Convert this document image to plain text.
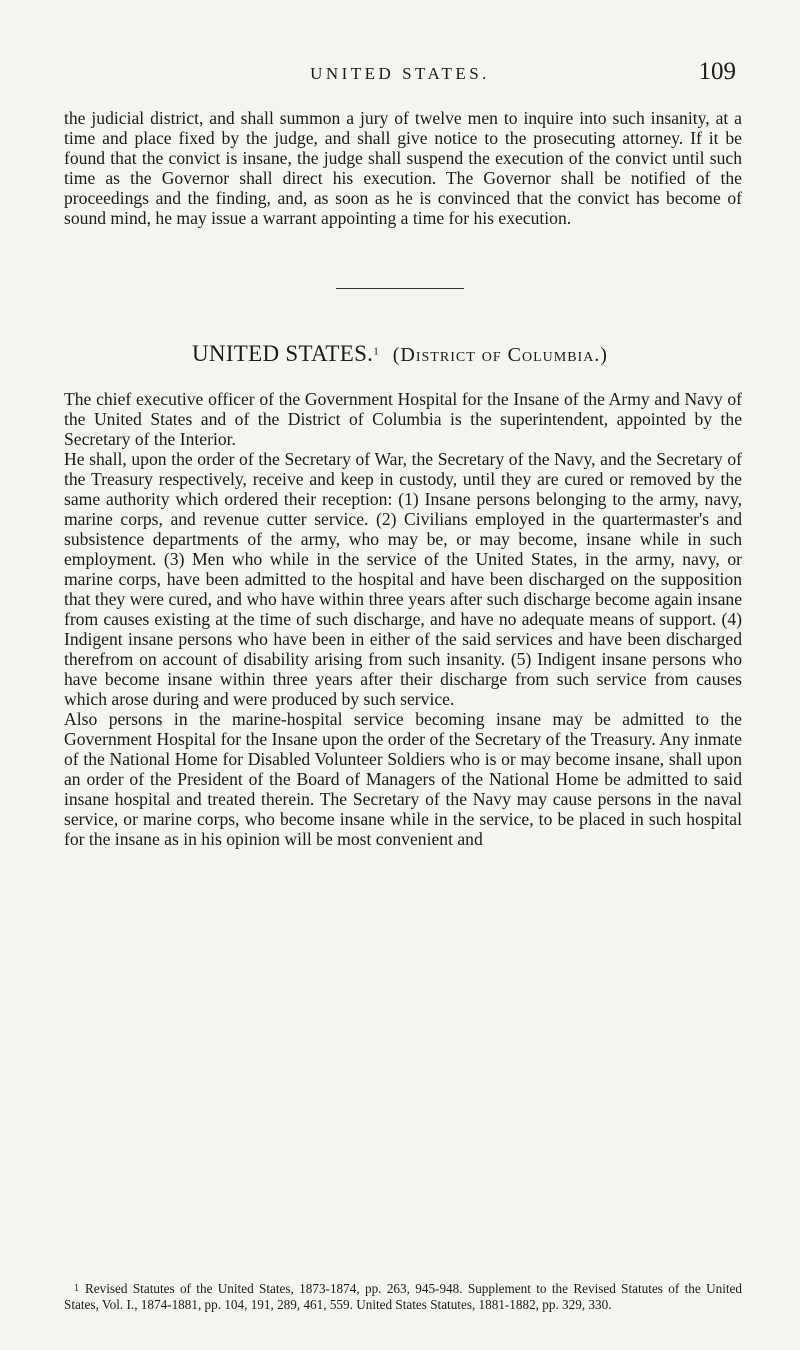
UNITED STATES.	109
the judicial district, and shall summon a jury of twelve men to inquire into such insanity, at a time and place fixed by the judge, and shall give notice to the prosecuting attorney. If it be found that the convict is insane, the judge shall suspend the execution of the convict until such time as the Governor shall direct his execution. The Governor shall be notified of the proceedings and the finding, and, as soon as he is convinced that the convict has become of sound mind, he may issue a warrant appointing a time for his execution.
UNITED STATES.$^1$ (District of Columbia.)

The chief executive officer of the Government Hospital for the Insane of the Army and Navy of the United States and of the District of Columbia is the superintendent, appointed by the Secretary of the Interior.

He shall, upon the order of the Secretary of War, the Secretary of the Navy, and the Secretary of the Treasury respectively, receive and keep in custody, until they are cured or removed by the same authority which ordered their reception: (1) Insane persons belonging to the army, navy, marine corps, and revenue cutter service. (2) Civilians employed in the quartermaster's and subsistence departments of the army, who may be, or may become, insane while in such employment. (3) Men who while in the service of the United States, in the army, navy, or marine corps, have been admitted to the hospital and have been discharged on the supposition that they were cured, and who have within three years after such discharge become again insane from causes existing at the time of such discharge, and have no adequate means of support. (4) Indigent insane persons who have been in either of the said services and have been discharged therefrom on account of disability arising from such insanity. (5) Indigent insane persons who have become insane within three years after their discharge from such service from causes which arose during and were produced by such service.

Also persons in the marine-hospital service becoming insane may be admitted to the Government Hospital for the Insane upon the order of the Secretary of the Treasury. Any inmate of the National Home for Disabled Volunteer Soldiers who is or may become insane, shall upon an order of the President of the Board of Managers of the National Home be admitted to said insane hospital and treated therein. The Secretary of the Navy may cause persons in the naval service, or marine corps, who become insane while in the service, to be placed in such hospital for the insane as in his opinion will be most convenient and

$^1$ Revised Statutes of the United States, 1873-1874, pp. 263, 945-948. Supplement to the Revised Statutes of the United States, Vol. I., 1874-1881, pp. 104, 191, 289, 461, 559. United States Statutes, 1881-1882, pp. 329, 330.
